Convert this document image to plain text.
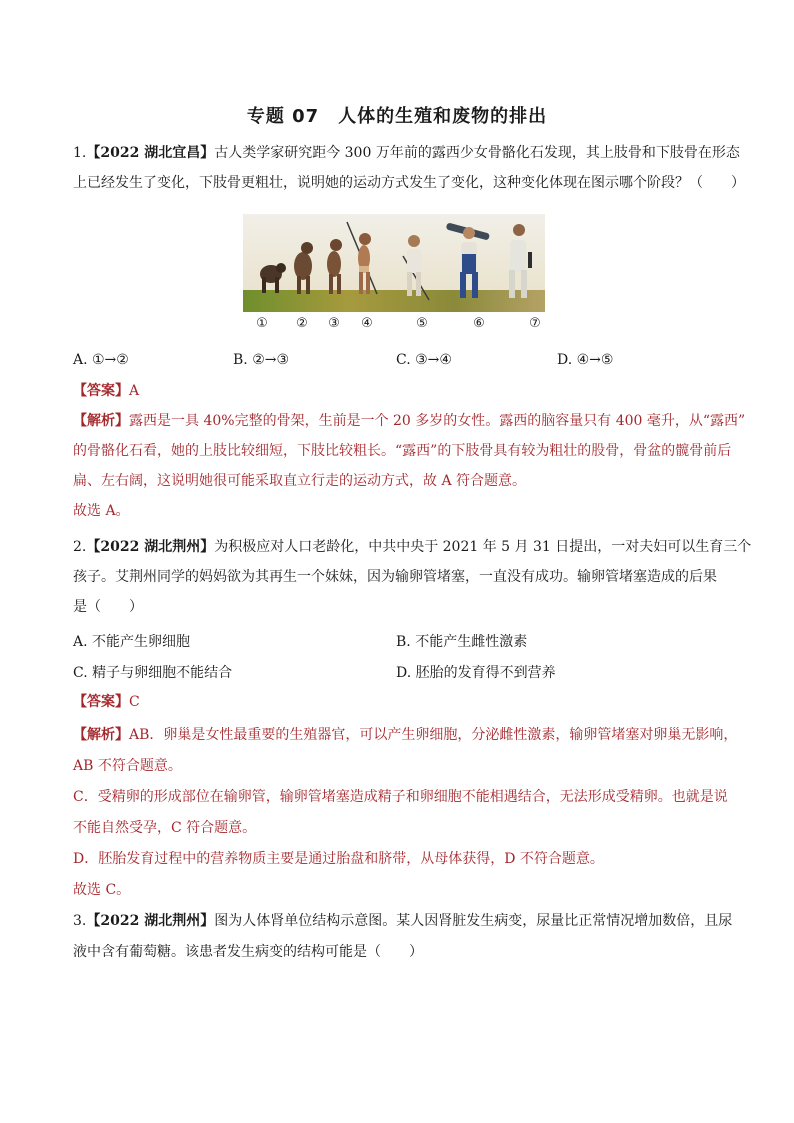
专题 07　人体的生殖和废物的排出
1.【2022 湖北宜昌】古人类学家研究距今 300 万年前的露西少女骨骼化石发现，其上肢骨和下肢骨在形态
上已经发生了变化，下肢骨更粗壮，说明她的运动方式发生了变化，这种变化体现在图示哪个阶段？（　　）
① ② ③ ④	⑤	⑥	⑦
A. ①→②	B. ②→③	C. ③→④	D. ④→⑤
【答案】A
【解析】露西是一具 40%完整的骨架，生前是一个 20 多岁的女性。露西的脑容量只有 400 毫升，从“露西”
的骨骼化石看，她的上肢比较细短，下肢比较粗长。“露西”的下肢骨具有较为粗壮的股骨，骨盆的髋骨前后
扁、左右阔，这说明她很可能采取直立行走的运动方式，故 A 符合题意。
故选 A。
2.【2022 湖北荆州】为积极应对人口老龄化，中共中央于 2021 年 5 月 31 日提出，一对夫妇可以生育三个
孩子。艾荆州同学的妈妈欲为其再生一个妹妹，因为输卵管堵塞，一直没有成功。输卵管堵塞造成的后果
是（　　）
A. 不能产生卵细胞	B. 不能产生雌性激素
C. 精子与卵细胞不能结合	D. 胚胎的发育得不到营养
【答案】C
【解析】AB．卵巢是女性最重要的生殖器官，可以产生卵细胞，分泌雌性激素，输卵管堵塞对卵巢无影响，
AB 不符合题意。
C．受精卵的形成部位在输卵管，输卵管堵塞造成精子和卵细胞不能相遇结合，无法形成受精卵。也就是说
不能自然受孕，C 符合题意。
D．胚胎发育过程中的营养物质主要是通过胎盘和脐带，从母体获得，D 不符合题意。
故选 C。
3.【2022 湖北荆州】图为人体肾单位结构示意图。某人因肾脏发生病变，尿量比正常情况增加数倍，且尿
液中含有葡萄糖。该患者发生病变的结构可能是（　　）
